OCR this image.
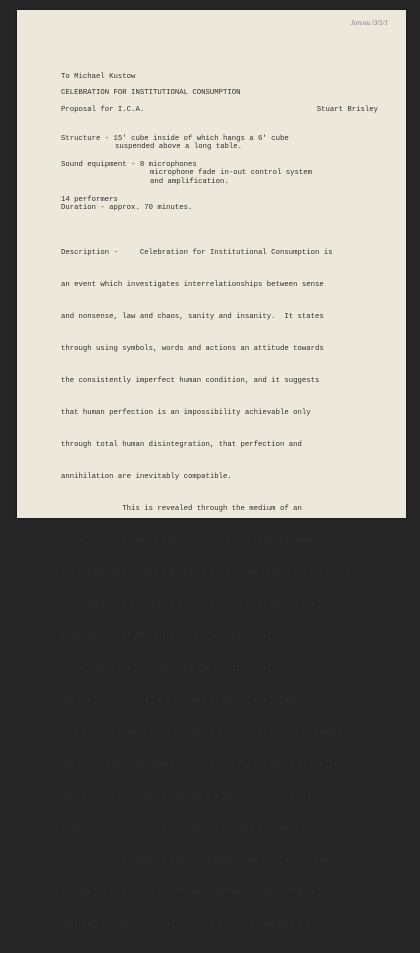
Jorcou /3/5/1

To Michael Kustow

CELEBRATION FOR INSTITUTIONAL CONSUMPTION

Proposal for I.C.A.	Stuart Brisley

Structure - 15' cube inside of which hangs a 6' cube

suspended above a long table.

Sound equipment - 8 microphones

microphone fade in-out control system

and amplification.

14 performers

Duration - approx. 70 minutes.

Description -     Celebration for Institutional Consumption is

an event which investigates interrelationships between sense

and nonsense, law and chaos, sanity and insanity.  It states

through using symbols, words and actions an attitude towards

the consistently imperfect human condition, and it suggests

that human perfection is an impossibility achievable only

through total human disintegration, that perfection and

annihilation are inevitably compatible.

This is revealed through the medium of an

annual dinner given by an institution for a selected number of

its inhabitants.  Each individual has freedom within the structure,

but is required to conform to the dinner ritual and to the

unspoken laws of the institution.  As individuals break these

rituals they are restrained by the institutional authorities

who are not revealed, and who may be any of the inhabitants,

at any given time.  There is then a question as to who is inmate

who is in authority, where is the authority and where is the law,

what are the constraints and who are the victims?  Finally the

inmates break the restraints imposed on them to reveal chaos.

A symbolic figure hanging above this action goes

through a ritualistic transformation from anonymous figure through

disintegration to eventually become the only complete but
